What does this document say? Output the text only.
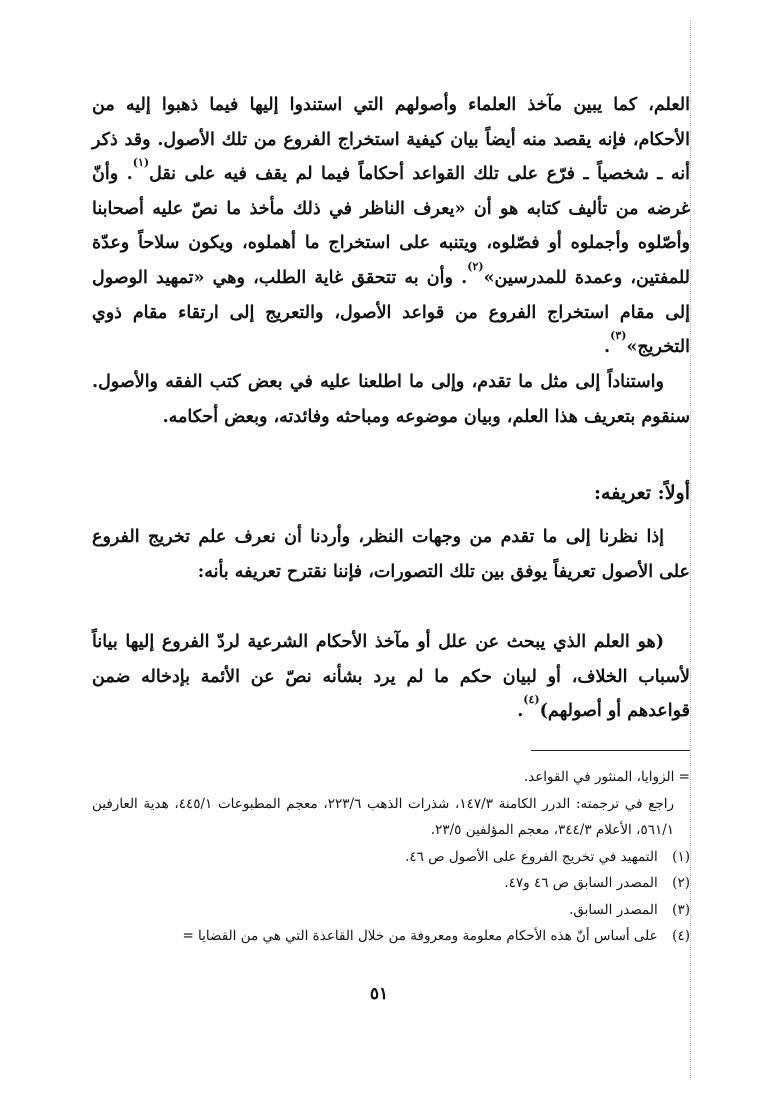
العلم، كما يبين مآخذ العلماء وأصولهم التي استندوا إليها فيما ذهبوا إليه من الأحكام، فإنه يقصد منه أيضاً بيان كيفية استخراج الفروع من تلك الأصول. وقد ذكر أنه ـ شخصياً ـ فرّع على تلك القواعد أحكاماً فيما لم يقف فيه على نقل$^{(١)}$. وأنّ غرضه من تأليف كتابه هو أن «يعرف الناظر في ذلك مأخذ ما نصّ عليه أصحابنا وأصّلوه وأجملوه أو فصّلوه، ويتنبه على استخراج ما أهملوه، ويكون سلاحاً وعدّة للمفتين، وعمدة للمدرسين»$^{(٢)}$. وأن به تتحقق غاية الطلب، وهي «تمهيد الوصول إلى مقام استخراج الفروع من قواعد الأصول، والتعريج إلى ارتقاء مقام ذوي التخريج»$^{(٣)}$.

واستناداً إلى مثل ما تقدم، وإلى ما اطلعنا عليه في بعض كتب الفقه والأصول. سنقوم بتعريف هذا العلم، وبيان موضوعه ومباحثه وفائدته، وبعض أحكامه.

أولاً: تعريفه:

إذا نظرنا إلى ما تقدم من وجهات النظر، وأردنا أن نعرف علم تخريج الفروع على الأصول تعريفاً يوفق بين تلك التصورات، فإننا نقترح تعريفه بأنه:

(هو العلم الذي يبحث عن علل أو مآخذ الأحكام الشرعية لردّ الفروع إليها بياناً لأسباب الخلاف، أو لبيان حكم ما لم يرد بشأنه نصّ عن الأئمة بإدخاله ضمن قواعدهم أو أصولهم)$^{(٤)}$.

= الزوايا، المنثور في القواعد.

راجع في ترجمته: الدرر الكامنة ١٤٧/٣، شذرات الذهب ٢٢٣/٦، معجم المطبوعات ٤٤٥/١، هدية العارفين ٥٦١/١، الأعلام ٣٤٤/٣، معجم المؤلفين ٢٣/٥.

(١) التمهيد في تخريج الفروع على الأصول ص ٤٦.

(٢) المصدر السابق ص ٤٦ و٤٧.

(٣) المصدر السابق.

(٤) على أساس أنّ هذه الأحكام معلومة ومعروفة من خلال القاعدة التي هي من القضايا =

٥١
